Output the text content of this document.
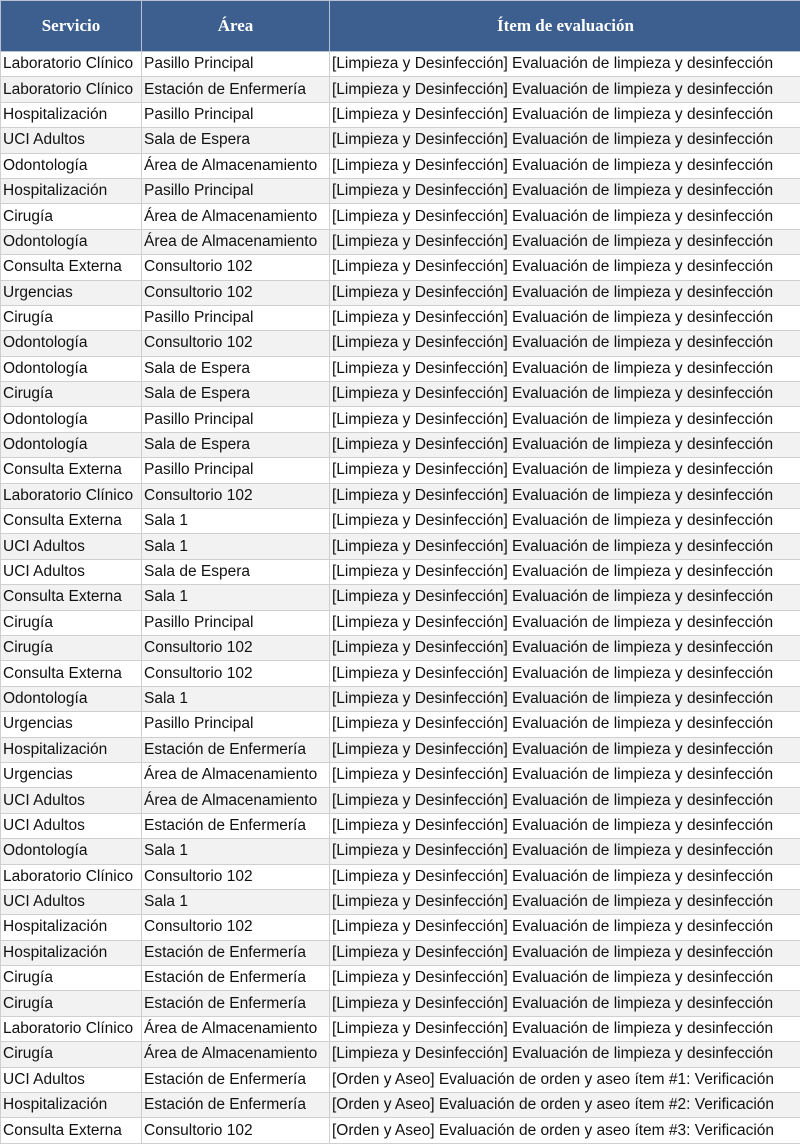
Servicio	Área	Ítem de evaluación
Laboratorio Clínico	Pasillo Principal	[Limpieza y Desinfección] Evaluación de limpieza y desinfección
Laboratorio Clínico	Estación de Enfermería	[Limpieza y Desinfección] Evaluación de limpieza y desinfección
Hospitalización	Pasillo Principal	[Limpieza y Desinfección] Evaluación de limpieza y desinfección
UCI Adultos	Sala de Espera	[Limpieza y Desinfección] Evaluación de limpieza y desinfección
Odontología	Área de Almacenamiento	[Limpieza y Desinfección] Evaluación de limpieza y desinfección
Hospitalización	Pasillo Principal	[Limpieza y Desinfección] Evaluación de limpieza y desinfección
Cirugía	Área de Almacenamiento	[Limpieza y Desinfección] Evaluación de limpieza y desinfección
Odontología	Área de Almacenamiento	[Limpieza y Desinfección] Evaluación de limpieza y desinfección
Consulta Externa	Consultorio 102	[Limpieza y Desinfección] Evaluación de limpieza y desinfección
Urgencias	Consultorio 102	[Limpieza y Desinfección] Evaluación de limpieza y desinfección
Cirugía	Pasillo Principal	[Limpieza y Desinfección] Evaluación de limpieza y desinfección
Odontología	Consultorio 102	[Limpieza y Desinfección] Evaluación de limpieza y desinfección
Odontología	Sala de Espera	[Limpieza y Desinfección] Evaluación de limpieza y desinfección
Cirugía	Sala de Espera	[Limpieza y Desinfección] Evaluación de limpieza y desinfección
Odontología	Pasillo Principal	[Limpieza y Desinfección] Evaluación de limpieza y desinfección
Odontología	Sala de Espera	[Limpieza y Desinfección] Evaluación de limpieza y desinfección
Consulta Externa	Pasillo Principal	[Limpieza y Desinfección] Evaluación de limpieza y desinfección
Laboratorio Clínico	Consultorio 102	[Limpieza y Desinfección] Evaluación de limpieza y desinfección
Consulta Externa	Sala 1	[Limpieza y Desinfección] Evaluación de limpieza y desinfección
UCI Adultos	Sala 1	[Limpieza y Desinfección] Evaluación de limpieza y desinfección
UCI Adultos	Sala de Espera	[Limpieza y Desinfección] Evaluación de limpieza y desinfección
Consulta Externa	Sala 1	[Limpieza y Desinfección] Evaluación de limpieza y desinfección
Cirugía	Pasillo Principal	[Limpieza y Desinfección] Evaluación de limpieza y desinfección
Cirugía	Consultorio 102	[Limpieza y Desinfección] Evaluación de limpieza y desinfección
Consulta Externa	Consultorio 102	[Limpieza y Desinfección] Evaluación de limpieza y desinfección
Odontología	Sala 1	[Limpieza y Desinfección] Evaluación de limpieza y desinfección
Urgencias	Pasillo Principal	[Limpieza y Desinfección] Evaluación de limpieza y desinfección
Hospitalización	Estación de Enfermería	[Limpieza y Desinfección] Evaluación de limpieza y desinfección
Urgencias	Área de Almacenamiento	[Limpieza y Desinfección] Evaluación de limpieza y desinfección
UCI Adultos	Área de Almacenamiento	[Limpieza y Desinfección] Evaluación de limpieza y desinfección
UCI Adultos	Estación de Enfermería	[Limpieza y Desinfección] Evaluación de limpieza y desinfección
Odontología	Sala 1	[Limpieza y Desinfección] Evaluación de limpieza y desinfección
Laboratorio Clínico	Consultorio 102	[Limpieza y Desinfección] Evaluación de limpieza y desinfección
UCI Adultos	Sala 1	[Limpieza y Desinfección] Evaluación de limpieza y desinfección
Hospitalización	Consultorio 102	[Limpieza y Desinfección] Evaluación de limpieza y desinfección
Hospitalización	Estación de Enfermería	[Limpieza y Desinfección] Evaluación de limpieza y desinfección
Cirugía	Estación de Enfermería	[Limpieza y Desinfección] Evaluación de limpieza y desinfección
Cirugía	Estación de Enfermería	[Limpieza y Desinfección] Evaluación de limpieza y desinfección
Laboratorio Clínico	Área de Almacenamiento	[Limpieza y Desinfección] Evaluación de limpieza y desinfección
Cirugía	Área de Almacenamiento	[Limpieza y Desinfección] Evaluación de limpieza y desinfección
UCI Adultos	Estación de Enfermería	[Orden y Aseo] Evaluación de orden y aseo ítem #1: Verificación
Hospitalización	Estación de Enfermería	[Orden y Aseo] Evaluación de orden y aseo ítem #2: Verificación
Consulta Externa	Consultorio 102	[Orden y Aseo] Evaluación de orden y aseo ítem #3: Verificación
